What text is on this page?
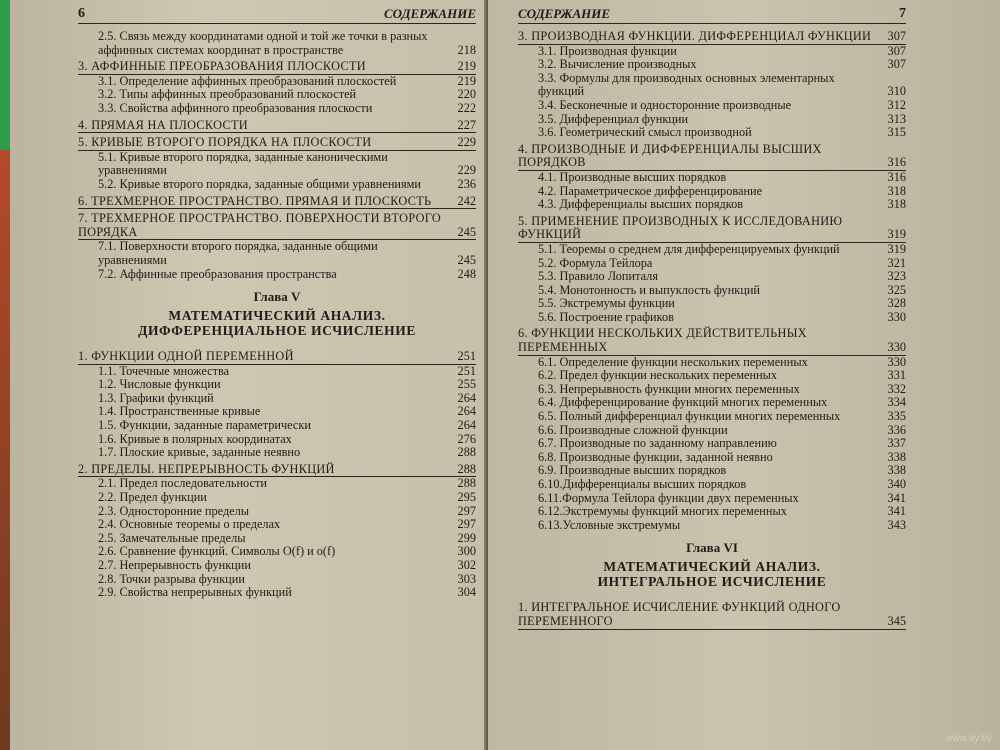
6	СОДЕРЖАНИЕ
2.5. Связь между координатами одной и той же точки в разных аффинных системах координат в пространстве	218
3. АФФИННЫЕ ПРЕОБРАЗОВАНИЯ ПЛОСКОСТИ	219
3.1. Определение аффинных преобразований плоскостей	219
3.2. Типы аффинных преобразований плоскостей	220
3.3. Свойства аффинного преобразования плоскости	222
4. ПРЯМАЯ НА ПЛОСКОСТИ	227
5. КРИВЫЕ ВТОРОГО ПОРЯДКА НА ПЛОСКОСТИ	229
5.1. Кривые второго порядка, заданные каноническими уравнениями	229
5.2. Кривые второго порядка, заданные общими уравнениями	236
6. ТРЕХМЕРНОЕ ПРОСТРАНСТВО. ПРЯМАЯ И ПЛОСКОСТЬ	242
7. ТРЕХМЕРНОЕ ПРОСТРАНСТВО. ПОВЕРХНОСТИ ВТОРОГО ПОРЯДКА	245
7.1. Поверхности второго порядка, заданные общими уравнениями	245
7.2. Аффинные преобразования пространства	248
Глава V
МАТЕМАТИЧЕСКИЙ АНАЛИЗ.
ДИФФЕРЕНЦИАЛЬНОЕ ИСЧИСЛЕНИЕ
1. ФУНКЦИИ ОДНОЙ ПЕРЕМЕННОЙ	251
1.1. Точечные множества	251
1.2. Числовые функции	255
1.3. Графики функций	264
1.4. Пространственные кривые	264
1.5. Функции, заданные параметрически	264
1.6. Кривые в полярных координатах	276
1.7. Плоские кривые, заданные неявно	288
2. ПРЕДЕЛЫ. НЕПРЕРЫВНОСТЬ ФУНКЦИЙ	288
2.1. Предел последовательности	288
2.2. Предел функции	295
2.3. Односторонние пределы	297
2.4. Основные теоремы о пределах	297
2.5. Замечательные пределы	299
2.6. Сравнение функций. Символы O(f) и o(f)	300
2.7. Непрерывность функции	302
2.8. Точки разрыва функции	303
2.9. Свойства непрерывных функций	304
СОДЕРЖАНИЕ	7
3. ПРОИЗВОДНАЯ ФУНКЦИИ. ДИФФЕРЕНЦИАЛ ФУНКЦИИ	307
3.1. Производная функции	307
3.2. Вычисление производных	307
3.3. Формулы для производных основных элементарных функций	310
3.4. Бесконечные и односторонние производные	312
3.5. Дифференциал функции	313
3.6. Геометрический смысл производной	315
4. ПРОИЗВОДНЫЕ И ДИФФЕРЕНЦИАЛЫ ВЫСШИХ ПОРЯДКОВ	316
4.1. Производные высших порядков	316
4.2. Параметрическое дифференцирование	318
4.3. Дифференциалы высших порядков	318
5. ПРИМЕНЕНИЕ ПРОИЗВОДНЫХ К ИССЛЕДОВАНИЮ ФУНКЦИЙ	319
5.1. Теоремы о среднем для дифференцируемых функций	319
5.2. Формула Тейлора	321
5.3. Правило Лопиталя	323
5.4. Монотонность и выпуклость функций	325
5.5. Экстремумы функции	328
5.6. Построение графиков	330
6. ФУНКЦИИ НЕСКОЛЬКИХ ДЕЙСТВИТЕЛЬНЫХ ПЕРЕМЕННЫХ	330
6.1. Определение функции нескольких переменных	330
6.2. Предел функции нескольких переменных	331
6.3. Непрерывность функции многих переменных	332
6.4. Дифференцирование функций многих переменных	334
6.5. Полный дифференциал функции многих переменных	335
6.6. Производные сложной функции	336
6.7. Производные по заданному направлению	337
6.8. Производные функции, заданной неявно	338
6.9. Производные высших порядков	338
6.10.Дифференциалы высших порядков	340
6.11.Формула Тейлора функции двух переменных	341
6.12.Экстремумы функций многих переменных	341
6.13.Условные экстремумы	343
Глава VI
МАТЕМАТИЧЕСКИЙ АНАЛИЗ.
ИНТЕГРАЛЬНОЕ ИСЧИСЛЕНИЕ
1. ИНТЕГРАЛЬНОЕ ИСЧИСЛЕНИЕ ФУНКЦИЙ ОДНОГО ПЕРЕМЕННОГО	345
www.ay.by
